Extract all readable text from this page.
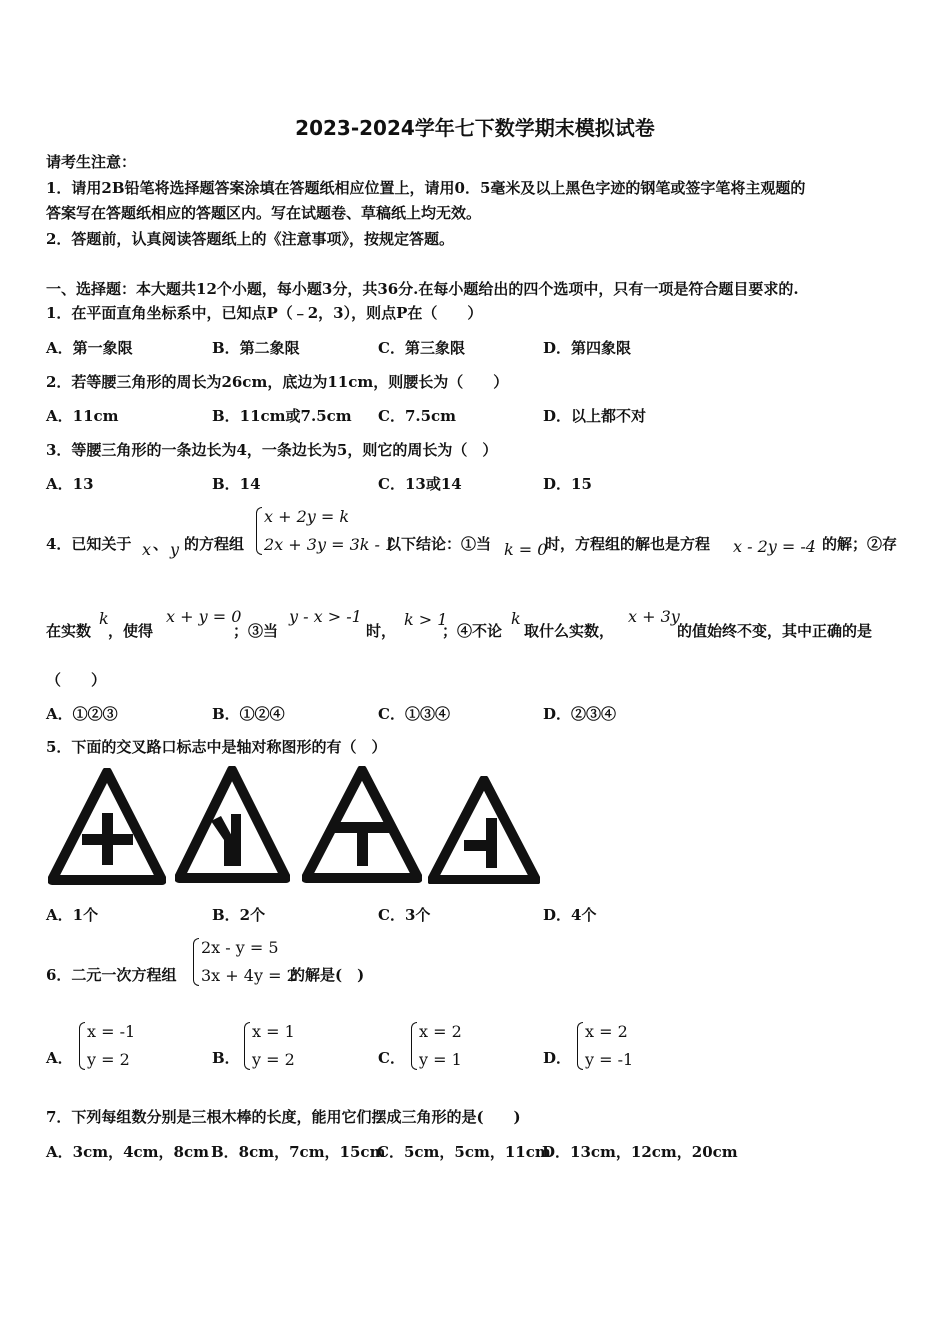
2023-2024学年七下数学期末模拟试卷
请考生注意：
1．请用2B铅笔将选择题答案涂填在答题纸相应位置上，请用0．5毫米及以上黑色字迹的钢笔或签字笔将主观题的
答案写在答题纸相应的答题区内。写在试题卷、草稿纸上均无效。
2．答题前，认真阅读答题纸上的《注意事项》，按规定答题。
一、选择题：本大题共12个小题，每小题3分，共36分.在每小题给出的四个选项中，只有一项是符合题目要求的.
1．在平面直角坐标系中，已知点P（﹣2，3），则点P在（　　）
A．第一象限	B．第二象限	C．第三象限	D．第四象限
2．若等腰三角形的周长为26cm，底边为11cm，则腰长为（　　）
A．11cm	B．11cm或7.5cm C．7.5cm	D．以上都不对
3．等腰三角形的一条边长为4，一条边长为5，则它的周长为（　）
A．13	B．14	C．13或14	D．15
4．已知关于 x 、 y 的方程组
x + 2y = k
2x + 3y = 3k - 1
以下结论：①当 k = 0
时，方程组的解也是方程 x - 2y = -4 的解；②存
在实数
k
，使得
x + y = 0
；③当
y - x > -1
时，
k > 1
；④不论
k
取什么实数，
x + 3y
的值始终不变，其中正确的是
（　　）
A．①②③	B．①②④	C．①③④	D．②③④
5．下面的交叉路口标志中是轴对称图形的有（　）
A．1个	B．2个	C．3个	D．4个
6．二元一次方程组
2x - y = 5
3x + 4y = 2
的解是(　)
A．
x = -1
y = 2	B．
x = 1
y = 2	C．
x = 2
y = 1	D．
x = 2
y = -1
7．下列每组数分别是三根木棒的长度，能用它们摆成三角形的是(　　)
A．3cm，4cm，8cm B．8cm，7cm，15cm
C．5cm，5cm，11cm
D．13cm，12cm，20cm
